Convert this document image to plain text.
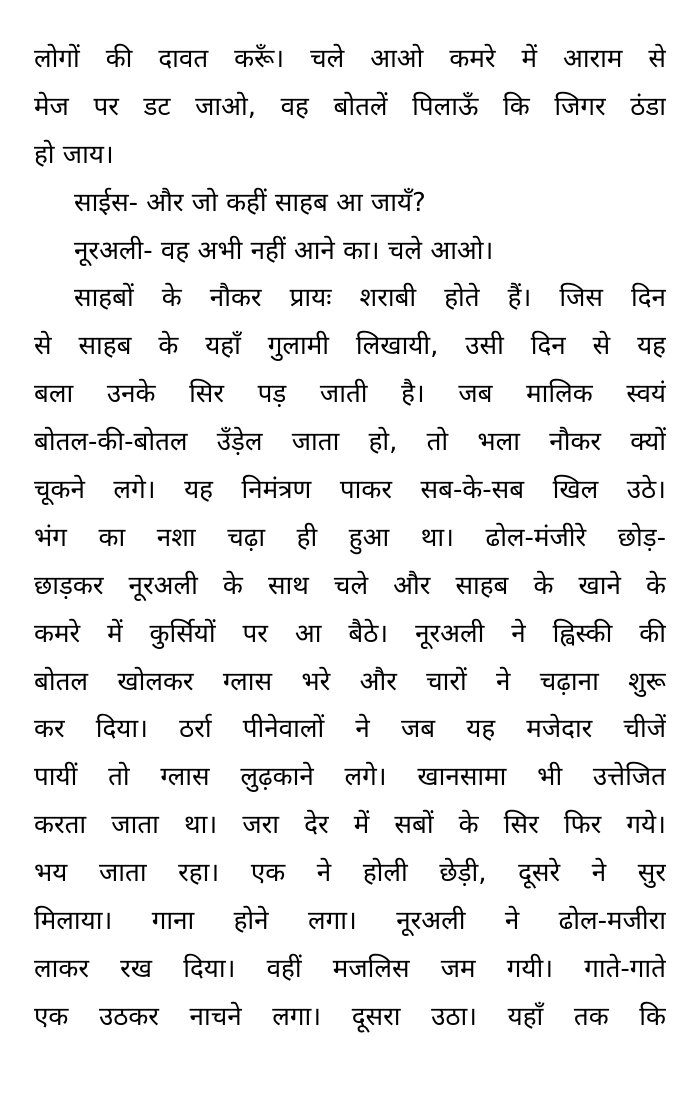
लोगों की दावत करूँ। चले आओ कमरे में आराम से
मेज पर डट जाओ, वह बोतलें पिलाऊँ कि जिगर ठंडा
हो जाय।
साईस- और जो कहीं साहब आ जायँ?
नूरअली- वह अभी नहीं आने का। चले आओ।
साहबों के नौकर प्रायः शराबी होते हैं। जिस दिन
से साहब के यहाँ गुलामी लिखायी, उसी दिन से यह
बला उनके सिर पड़ जाती है। जब मालिक स्वयं
बोतल-की-बोतल उँड़ेल जाता हो, तो भला नौकर क्यों
चूकने लगे। यह निमंत्रण पाकर सब-के-सब खिल उठे।
भंग का नशा चढ़ा ही हुआ था। ढोल-मंजीरे छोड़-
छाड़कर नूरअली के साथ चले और साहब के खाने के
कमरे में कुर्सियों पर आ बैठे। नूरअली ने ह्विस्की की
बोतल खोलकर ग्लास भरे और चारों ने चढ़ाना शुरू
कर दिया। ठर्रा पीनेवालों ने जब यह मजेदार चीजें
पायीं तो ग्लास लुढ़काने लगे। खानसामा भी उत्तेजित
करता जाता था। जरा देर में सबों के सिर फिर गये।
भय जाता रहा। एक ने होली छेड़ी, दूसरे ने सुर
मिलाया। गाना होने लगा। नूरअली ने ढोल-मजीरा
लाकर रख दिया। वहीं मजलिस जम गयी। गाते-गाते
एक उठकर नाचने लगा। दूसरा उठा। यहाँ तक कि
